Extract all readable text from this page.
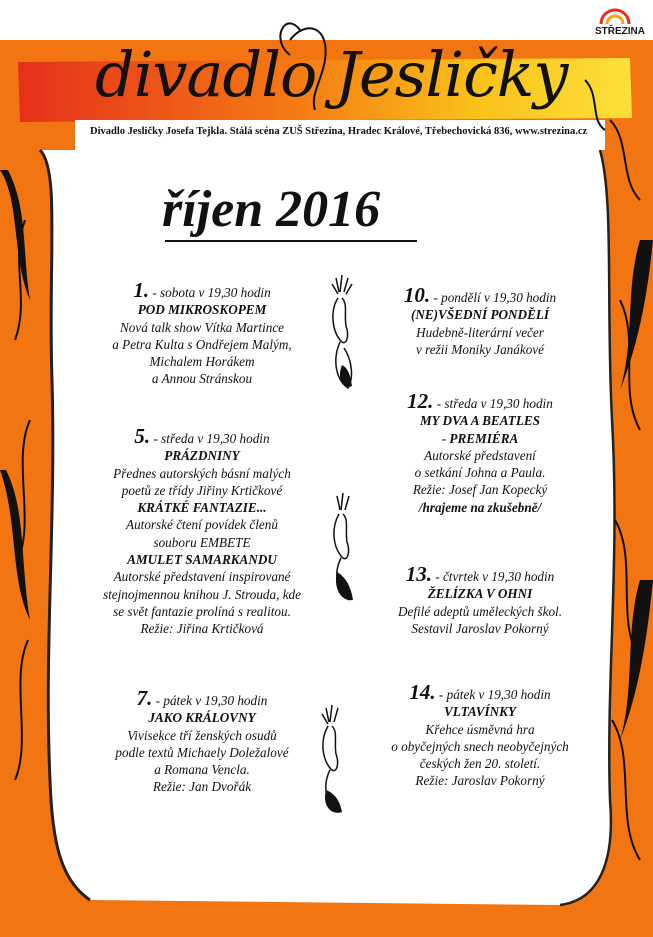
STŘEZINA
divadlo Jesličky
Divadlo Jesličky Josefa Tejkla. Stálá scéna ZUŠ Střezina, Hradec Králové, Třebechovická 836, www.strezina.cz
říjen 2016
1. - sobota v 19,30 hodin
POD MIKROSKOPEM
Nová talk show Vítka Martince
a Petra Kulta s Ondřejem Malým,
Michalem Horákem
a Annou Stránskou
5. - středa v 19,30 hodin
PRÁZDNINY
Přednes autorských básní malých
poetů ze třídy Jiřiny Krtičkové
KRÁTKÉ FANTAZIE...
Autorské čtení povídek členů
souboru EMBETE
AMULET SAMARKANDU
Autorské představení inspirované
stejnojmennou knihou J. Strouda, kde
se svět fantazie prolíná s realitou.
Režie: Jiřina Krtičková
7. - pátek v 19,30 hodin
JAKO KRÁLOVNY
Vivisekce tří ženských osudů
podle textů Michaely Doležalové
a Romana Vencla.
Režie: Jan Dvořák
10. - pondělí v 19,30 hodin
(NE)VŠEDNÍ PONDĚLÍ
Hudebně-literární večer
v režii Moniky Janákové
12. - středa v 19,30 hodin
MY DVA A BEATLES
- PREMIÉRA
Autorské představení
o setkání Johna a Paula.
Režie: Josef Jan Kopecký
/hrajeme na zkušebně/
13. - čtvrtek v 19,30 hodin
ŽELÍZKA V OHNI
Defilé adeptů uměleckých škol.
Sestavil Jaroslav Pokorný
14. - pátek v 19,30 hodin
VLTAVÍNKY
Křehce úsměvná hra
o obyčejných snech neobyčejných
českých žen 20. století.
Režie: Jaroslav Pokorný
